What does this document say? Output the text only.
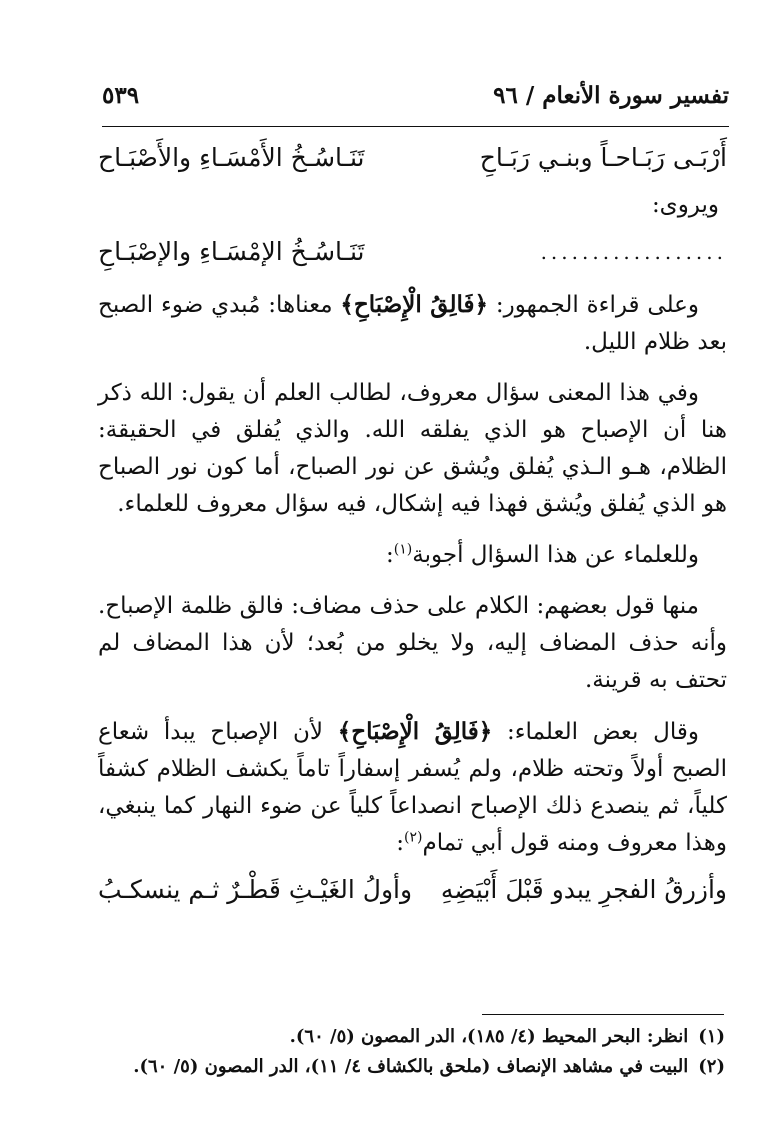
تفسير سورة الأنعام / ٩٦
٥٣٩
أَرْبَـى رَبَـاحـاً وبنـي رَبَـاحِ
تَنَـاسُـخُ الأَمْسَـاءِ والأَصْبَـاح
ويروى:
..................
تَنَـاسُـخُ الإمْسَـاءِ والإصْبَـاحِ

وعلى قراءة الجمهور: ﴿فَالِقُ الْإِصْبَاحِ﴾ معناها: مُبدي ضوء الصبح بعد ظلام الليل.

وفي هذا المعنى سؤال معروف، لطالب العلم أن يقول: الله ذكر هنا أن الإصباح هو الذي يفلقه الله. والذي يُفلق في الحقيقة: الظلام، هـو الـذي يُفلق ويُشق عن نور الصباح، أما كون نور الصباح هو الذي يُفلق ويُشق فهذا فيه إشكال، فيه سؤال معروف للعلماء.

وللعلماء عن هذا السؤال أجوبة$^{(١)}$:

منها قول بعضهم: الكلام على حذف مضاف: فالق ظلمة الإصباح. وأنه حذف المضاف إليه، ولا يخلو من بُعد؛ لأن هذا المضاف لم تحتف به قرينة.

وقال بعض العلماء: ﴿فَالِقُ الْإِصْبَاحِ﴾ لأن الإصباح يبدأ شعاع الصبح أولاً وتحته ظلام، ولم يُسفر إسفاراً تاماً يكشف الظلام كشفاً كلياً، ثم ينصدع ذلك الإصباح انصداعاً كلياً عن ضوء النهار كما ينبغي، وهذا معروف ومنه قول أبي تمام$^{(٢)}$:

وأزرقُ الفجرِ يبدو قَبْلَ أَبْيَضِهِ
وأولُ الغَيْـثِ قَطْـرٌ ثـم ينسكـبُ
(١)
انظر: البحر المحيط (٤/ ١٨٥)، الدر المصون (٥/ ٦٠).
(٢)
البيت في مشاهد الإنصاف (ملحق بالكشاف ٤/ ١١)، الدر المصون (٥/ ٦٠).
